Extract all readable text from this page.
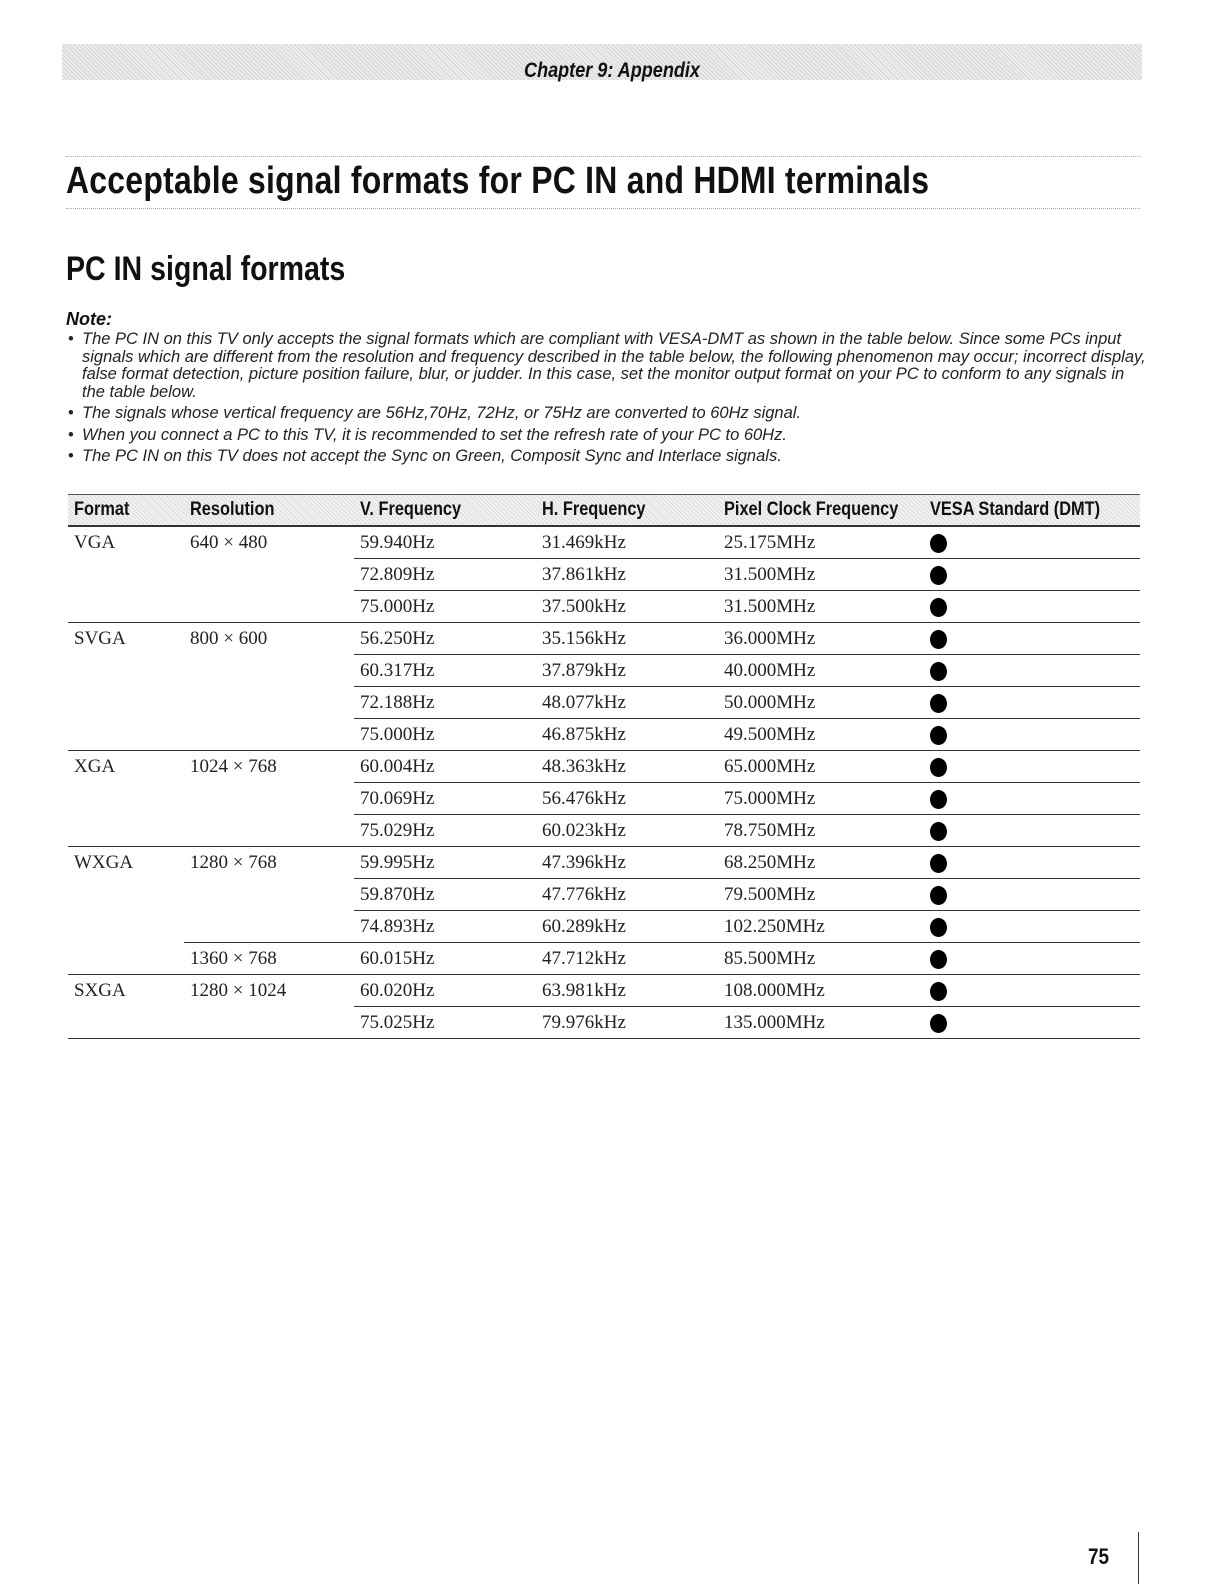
Chapter 9: Appendix
Acceptable signal formats for PC IN and HDMI terminals
PC IN signal formats
Note:
• The PC IN on this TV only accepts the signal formats which are compliant with VESA-DMT as shown in the table below. Since some PCs input signals which are different from the resolution and frequency described in the table below, the following phenomenon may occur; incorrect display, false format detection, picture position failure, blur, or judder. In this case, set the monitor output format on your PC to conform to any signals in the table below.
• The signals whose vertical frequency are 56Hz,70Hz, 72Hz, or 75Hz are converted to 60Hz signal.
• When you connect a PC to this TV, it is recommended to set the refresh rate of your PC to 60Hz.
• The PC IN on this TV does not accept the Sync on Green, Composit Sync and Interlace signals.
Format	Resolution	V. Frequency	H. Frequency	Pixel Clock Frequency	VESA Standard (DMT)
VGA	640 × 480	59.940Hz	31.469kHz	25.175MHz	
		72.809Hz	37.861kHz	31.500MHz	
		75.000Hz	37.500kHz	31.500MHz	
SVGA	800 × 600	56.250Hz	35.156kHz	36.000MHz	
		60.317Hz	37.879kHz	40.000MHz	
		72.188Hz	48.077kHz	50.000MHz	
		75.000Hz	46.875kHz	49.500MHz	
XGA	1024 × 768	60.004Hz	48.363kHz	65.000MHz	
		70.069Hz	56.476kHz	75.000MHz	
		75.029Hz	60.023kHz	78.750MHz	
WXGA	1280 × 768	59.995Hz	47.396kHz	68.250MHz	
		59.870Hz	47.776kHz	79.500MHz	
		74.893Hz	60.289kHz	102.250MHz	
	1360 × 768	60.015Hz	47.712kHz	85.500MHz	
SXGA	1280 × 1024	60.020Hz	63.981kHz	108.000MHz	
		75.025Hz	79.976kHz	135.000MHz	
75
